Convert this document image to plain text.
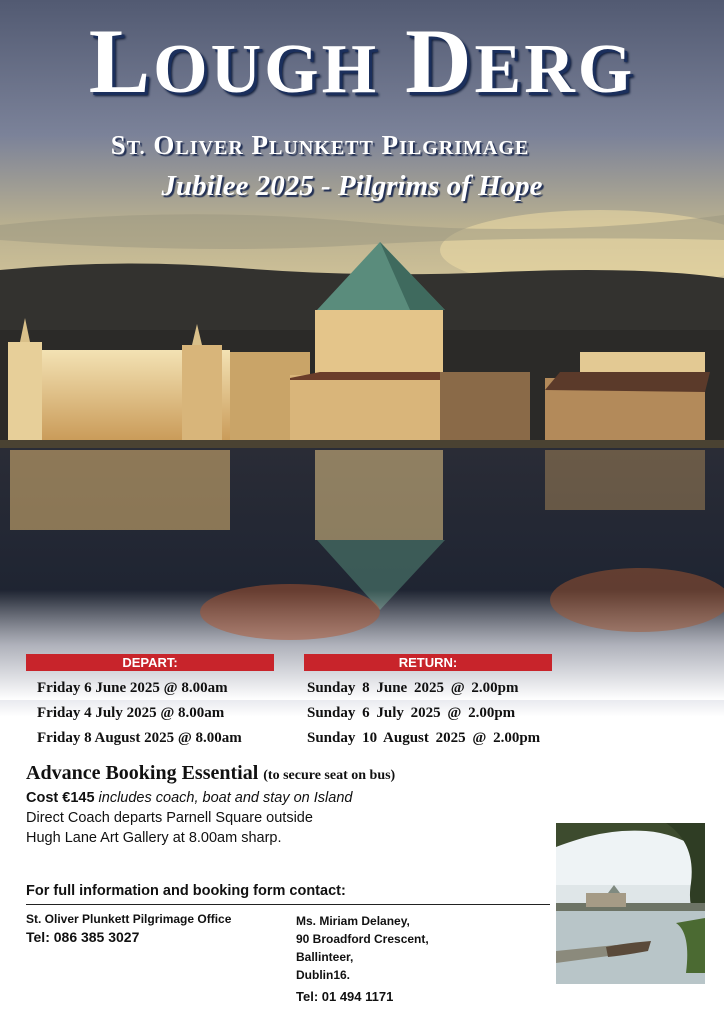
LOUGH DERG
ST. OLIVER PLUNKETT PILGRIMAGE
Jubilee 2025 - Pilgrims of Hope
DEPART:	RETURN:
Friday 6 June 2025 @ 8.00am
Friday 4 July 2025 @ 8.00am
Friday 8 August 2025 @ 8.00am
Sunday 8 June 2025 @ 2.00pm
Sunday 6 July 2025 @ 2.00pm
Sunday 10 August 2025 @ 2.00pm
Advance Booking Essential (to secure seat on bus)
Cost €145 includes coach, boat and stay on Island
Direct Coach departs Parnell Square outside
Hugh Lane Art Gallery at 8.00am sharp.
For full information and booking form contact:
St. Oliver Plunkett Pilgrimage Office
Tel: 086 385 3027
Ms. Miriam Delaney,
90 Broadford Crescent,
Ballinteer,
Dublin16.
Tel: 01 494 1171
